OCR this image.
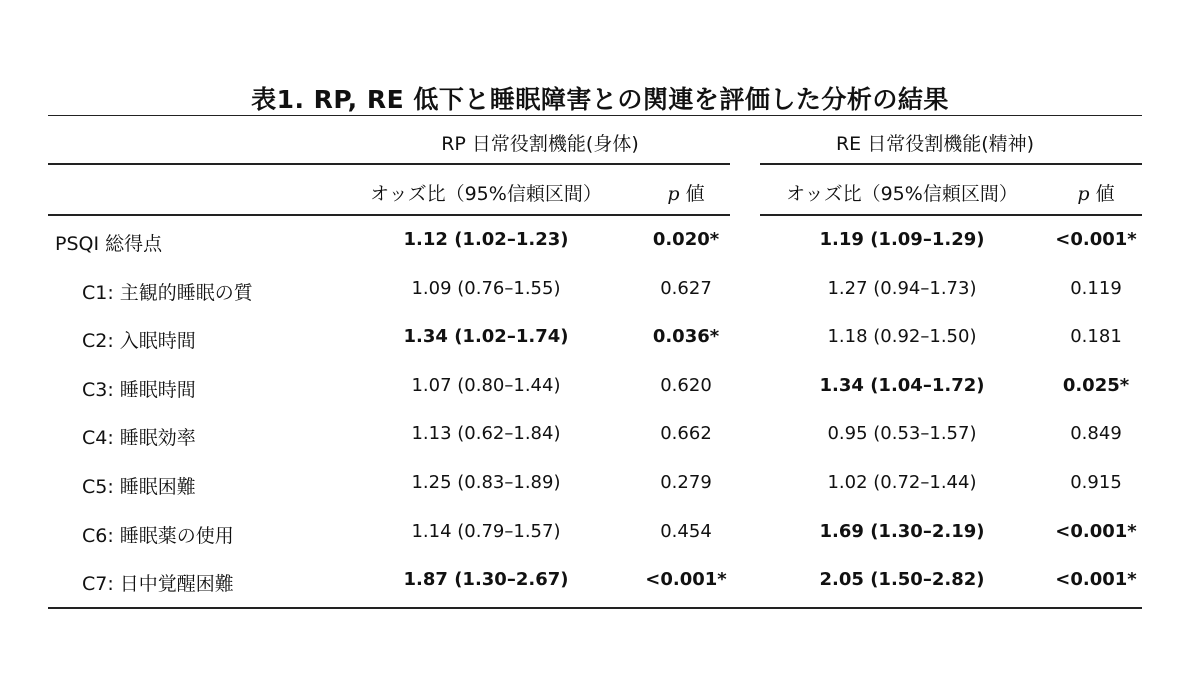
表1. RP, RE 低下と睡眠障害との関連を評価した分析の結果
RP 日常役割機能(身体)	RE 日常役割機能(精神)
オッズ比（95%信頼区間）	p 値	オッズ比（95%信頼区間）	p 値
PSQI 総得点	1.12 (1.02–1.23)	0.020*	1.19 (1.09–1.29)	<0.001*
C1: 主観的睡眠の質	1.09 (0.76–1.55)	0.627	1.27 (0.94–1.73)	0.119
C2: 入眠時間	1.34 (1.02–1.74)	0.036*	1.18 (0.92–1.50)	0.181
C3: 睡眠時間	1.07 (0.80–1.44)	0.620	1.34 (1.04–1.72)	0.025*
C4: 睡眠効率	1.13 (0.62–1.84)	0.662	0.95 (0.53–1.57)	0.849
C5: 睡眠困難	1.25 (0.83–1.89)	0.279	1.02 (0.72–1.44)	0.915
C6: 睡眠薬の使用	1.14 (0.79–1.57)	0.454	1.69 (1.30–2.19)	<0.001*
C7: 日中覚醒困難	1.87 (1.30–2.67)	<0.001*	2.05 (1.50–2.82)	<0.001*
